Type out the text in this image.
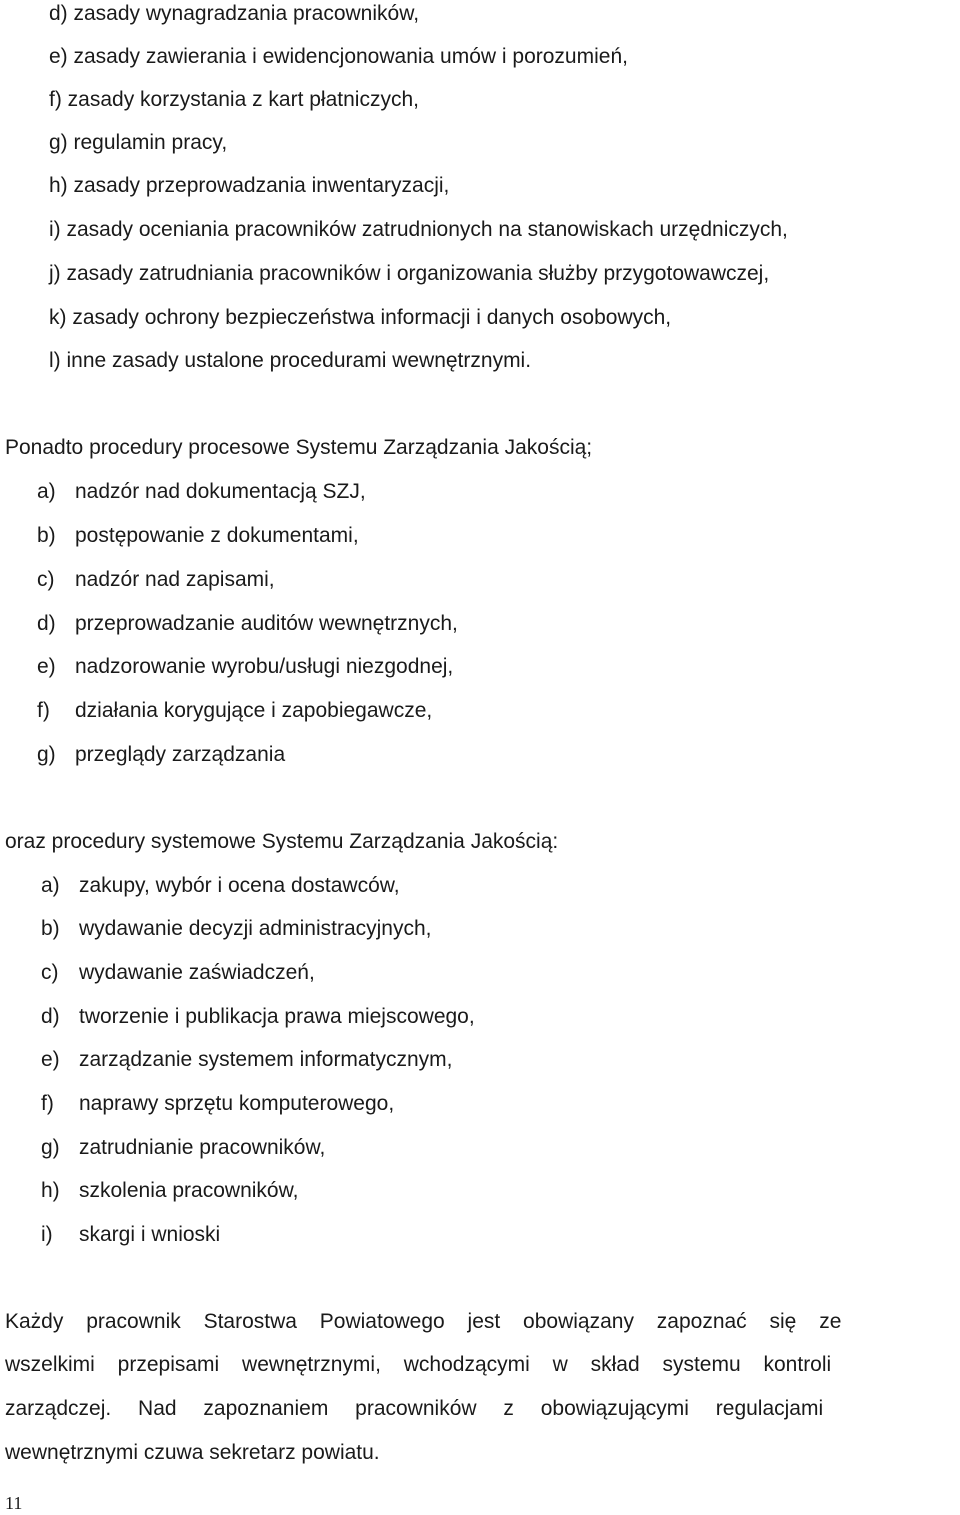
d) zasady wynagradzania pracowników,
e) zasady zawierania i ewidencjonowania umów i porozumień,
f) zasady korzystania z kart płatniczych,
g) regulamin pracy,
h) zasady przeprowadzania inwentaryzacji,
i) zasady oceniania pracowników zatrudnionych na stanowiskach urzędniczych,
j) zasady zatrudniania pracowników i organizowania służby przygotowawczej,
k) zasady ochrony bezpieczeństwa informacji i danych osobowych,
l) inne zasady ustalone procedurami wewnętrznymi.
Ponadto procedury procesowe Systemu Zarządzania Jakością;
a) nadzór nad dokumentacją SZJ,
b) postępowanie z dokumentami,
c) nadzór nad zapisami,
d) przeprowadzanie auditów wewnętrznych,
e) nadzorowanie wyrobu/usługi niezgodnej,
f) działania korygujące i zapobiegawcze,
g) przeglądy zarządzania
oraz procedury systemowe Systemu Zarządzania Jakością:
a) zakupy, wybór i ocena dostawców,
b) wydawanie decyzji administracyjnych,
c) wydawanie zaświadczeń,
d) tworzenie i publikacja prawa miejscowego,
e) zarządzanie systemem informatycznym,
f) naprawy sprzętu komputerowego,
g) zatrudnianie pracowników,
h) szkolenia pracowników,
i) skargi i wnioski
Każdy pracownik Starostwa Powiatowego jest obowiązany zapoznać się ze
wszelkimi przepisami wewnętrznymi, wchodzącymi w skład systemu kontroli
zarządczej. Nad zapoznaniem pracowników z obowiązującymi regulacjami
wewnętrznymi czuwa sekretarz powiatu.
11
